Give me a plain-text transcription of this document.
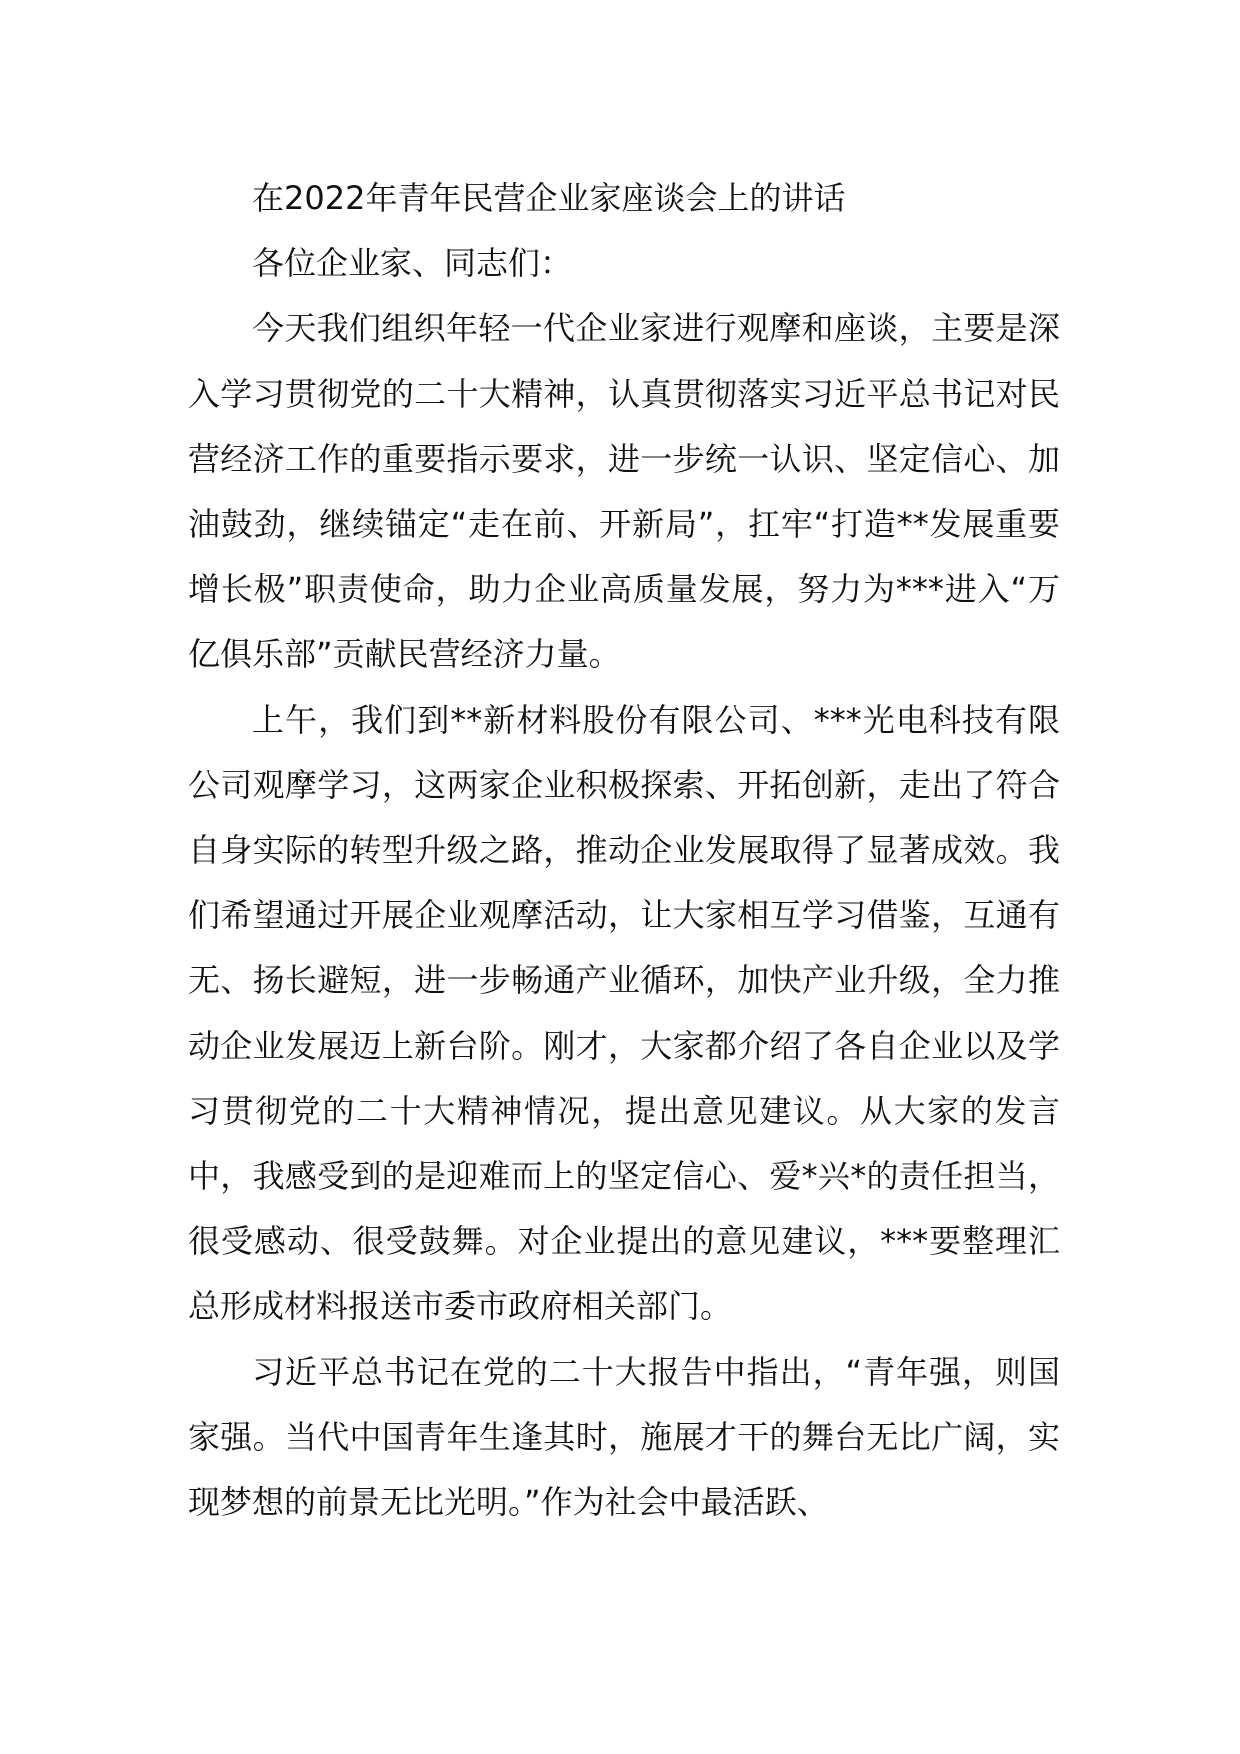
在2022年青年民营企业家座谈会上的讲话

各位企业家、同志们：

今天我们组织年轻一代企业家进行观摩和座谈，主要是深入学习贯彻党的二十大精神，认真贯彻落实习近平总书记对民营经济工作的重要指示要求，进一步统一认识、坚定信心、加油鼓劲，继续锚定“走在前、开新局”，扛牢“打造**发展重要增长极”职责使命，助力企业高质量发展，努力为***进入“万亿俱乐部”贡献民营经济力量。

上午，我们到**新材料股份有限公司、***光电科技有限公司观摩学习，这两家企业积极探索、开拓创新，走出了符合自身实际的转型升级之路，推动企业发展取得了显著成效。我们希望通过开展企业观摩活动，让大家相互学习借鉴，互通有无、扬长避短，进一步畅通产业循环，加快产业升级，全力推动企业发展迈上新台阶。刚才，大家都介绍了各自企业以及学习贯彻党的二十大精神情况，提出意见建议。从大家的发言中，我感受到的是迎难而上的坚定信心、爱*兴*的责任担当，很受感动、很受鼓舞。对企业提出的意见建议，***要整理汇总形成材料报送市委市政府相关部门。

习近平总书记在党的二十大报告中指出，“青年强，则国家强。当代中国青年生逢其时，施展才干的舞台无比广阔，实现梦想的前景无比光明。”作为社会中最活跃、
